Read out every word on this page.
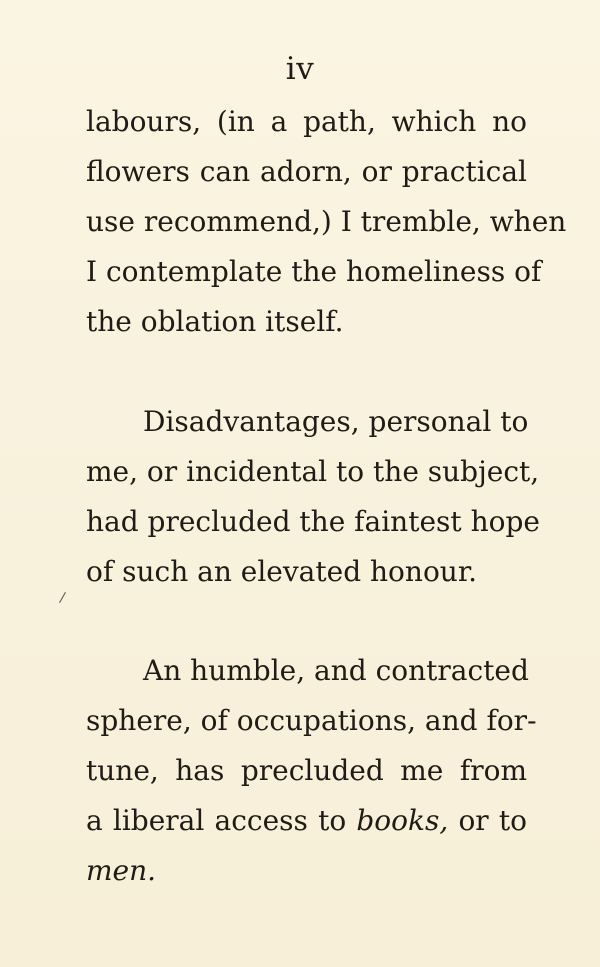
iv
labours, (in a path, which no
flowers can adorn, or practical
use recommend,) I tremble, when
I contemplate the homeliness of
the oblation itself.
Disadvantages, personal to
me, or incidental to the subject,
had precluded the faintest hope
of such an elevated honour.
An humble, and contracted
sphere, of occupations, and for-
tune, has precluded me from
a liberal access to books, or to
men.
/
